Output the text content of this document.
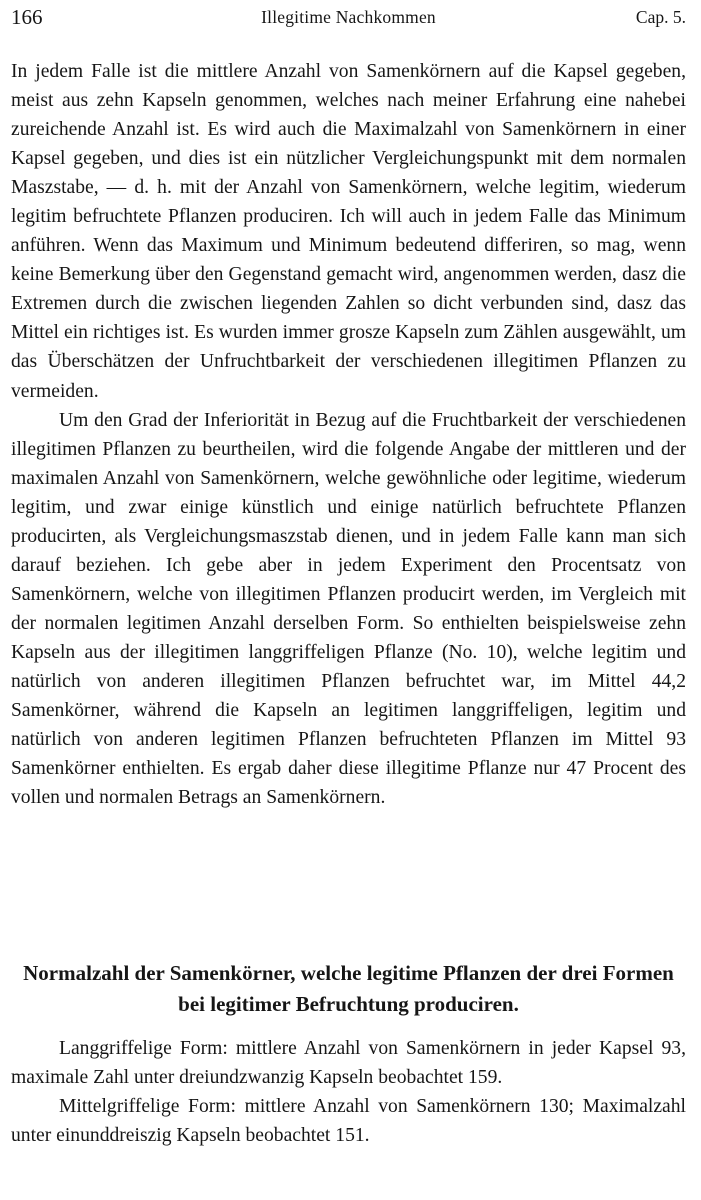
166	Illegitime Nachkommen	Cap. 5.

In jedem Falle ist die mittlere Anzahl von Samenkörnern auf die Kapsel gegeben, meist aus zehn Kapseln genommen, welches nach meiner Erfahrung eine nahebei zureichende Anzahl ist. Es wird auch die Maximalzahl von Samenkörnern in einer Kapsel gegeben, und dies ist ein nützlicher Vergleichungspunkt mit dem normalen Maszstabe, — d. h. mit der Anzahl von Samenkörnern, welche legitim, wiederum legitim befruchtete Pflanzen produciren. Ich will auch in jedem Falle das Minimum anführen. Wenn das Maximum und Minimum bedeutend differiren, so mag, wenn keine Bemerkung über den Gegenstand gemacht wird, angenommen werden, dasz die Extremen durch die zwischen liegenden Zahlen so dicht verbunden sind, dasz das Mittel ein richtiges ist. Es wurden immer grosze Kapseln zum Zählen ausgewählt, um das Überschätzen der Unfruchtbarkeit der verschiedenen illegitimen Pflanzen zu vermeiden.

Um den Grad der Inferiorität in Bezug auf die Fruchtbarkeit der verschiedenen illegitimen Pflanzen zu beurtheilen, wird die folgende Angabe der mittleren und der maximalen Anzahl von Samenkörnern, welche gewöhnliche oder legitime, wiederum legitim, und zwar einige künstlich und einige natürlich befruchtete Pflanzen producirten, als Vergleichungsmaszstab dienen, und in jedem Falle kann man sich darauf beziehen. Ich gebe aber in jedem Experiment den Procentsatz von Samenkörnern, welche von illegitimen Pflanzen producirt werden, im Vergleich mit der normalen legitimen Anzahl derselben Form. So enthielten beispielsweise zehn Kapseln aus der illegitimen langgriffeligen Pflanze (No. 10), welche legitim und natürlich von anderen illegitimen Pflanzen befruchtet war, im Mittel 44,2 Samenkörner, während die Kapseln an legitimen langgriffeligen, legitim und natürlich von anderen legitimen Pflanzen befruchteten Pflanzen im Mittel 93 Samenkörner enthielten. Es ergab daher diese illegitime Pflanze nur 47 Procent des vollen und normalen Betrags an Samenkörnern.

Normalzahl der Samenkörner, welche legitime Pflanzen der drei Formen bei legitimer Befruchtung produciren.

Langgriffelige Form: mittlere Anzahl von Samenkörnern in jeder Kapsel 93, maximale Zahl unter dreiundzwanzig Kapseln beobachtet 159.

Mittelgriffelige Form: mittlere Anzahl von Samenkörnern 130; Maximalzahl unter einunddreiszig Kapseln beobachtet 151.
